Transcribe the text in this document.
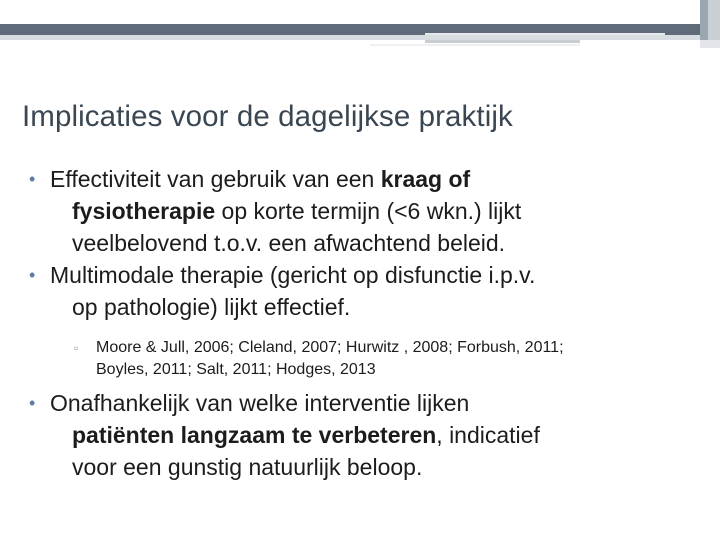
Implicaties voor de dagelijkse praktijk
• Effectiviteit van gebruik van een kraag of
fysiotherapie op korte termijn (<6 wkn.) lijkt
veelbelovend t.o.v. een afwachtend beleid.
• Multimodale therapie (gericht op disfunctie i.p.v.
op pathologie) lijkt effectief.
▫ Moore & Jull, 2006; Cleland, 2007; Hurwitz , 2008; Forbush, 2011;
Boyles, 2011; Salt, 2011; Hodges, 2013
• Onafhankelijk van welke interventie lijken
patiënten langzaam te verbeteren, indicatief
voor een gunstig natuurlijk beloop.
